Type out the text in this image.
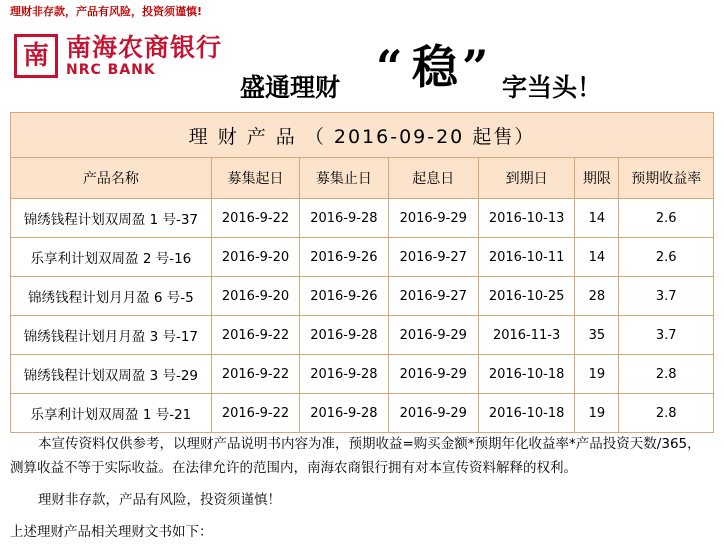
理财非存款，产品有风险，投资须谨慎!
南 南海农商银行
NRC BANK
盛通理财 “ 稳 ” 字当头！
理 财 产 品 （ 2016-09-20 起售）						
产品名称	募集起日	募集止日	起息日	到期日	期限	预期收益率
锦绣钱程计划双周盈 1 号-37	2016-9-22	2016-9-28	2016-9-29	2016-10-13	14	2.6
乐享利计划双周盈 2 号-16	2016-9-20	2016-9-26	2016-9-27	2016-10-11	14	2.6
锦绣钱程计划月月盈 6 号-5	2016-9-20	2016-9-26	2016-9-27	2016-10-25	28	3.7
锦绣钱程计划月月盈 3 号-17	2016-9-22	2016-9-28	2016-9-29	2016-11-3	35	3.7
锦绣钱程计划双周盈 3 号-29	2016-9-22	2016-9-28	2016-9-29	2016-10-18	19	2.8
乐享利计划双周盈 1 号-21	2016-9-22	2016-9-28	2016-9-29	2016-10-18	19	2.8

本宣传资料仅供参考，以理财产品说明书内容为准，预期收益=购买金额*预期年化收益率*产品投资天数/365，测算收益不等于实际收益。在法律允许的范围内，南海农商银行拥有对本宣传资料解释的权利。

理财非存款，产品有风险，投资须谨慎！

上述理财产品相关理财文书如下：
